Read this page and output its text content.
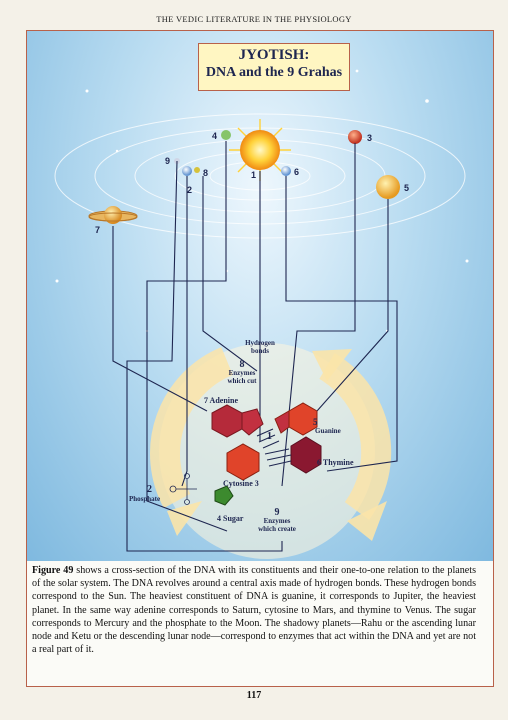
THE VEDIC LITERATURE IN THE PHYSIOLOGY
1
2
3
4
5
6
7
8
9
Hydrogen
bonds
8
Enzymes
which cut
7 Adenine
5
Guanine
6 Thymine
Cytosine 3
1
2
Phosphate
4 Sugar
9
Enzymes
which create
JYOTISH:
DNA and the 9 Grahas
Figure 49 shows a cross-section of the DNA with its constituents and their one-to-one relation to the planets of the solar system. The DNA revolves around a central axis made of hydrogen bonds. These hydrogen bonds correspond to the Sun. The heaviest constituent of DNA is guanine, it corresponds to Jupiter, the heaviest planet. In the same way adenine corresponds to Saturn, cytosine to Mars, and thymine to Venus. The sugar corresponds to Mercury and the phosphate to the Moon. The shadowy planets—Rahu or the ascending lunar node and Ketu or the descending lunar node—correspond to enzymes that act within the DNA and yet are not a real part of it.
117
